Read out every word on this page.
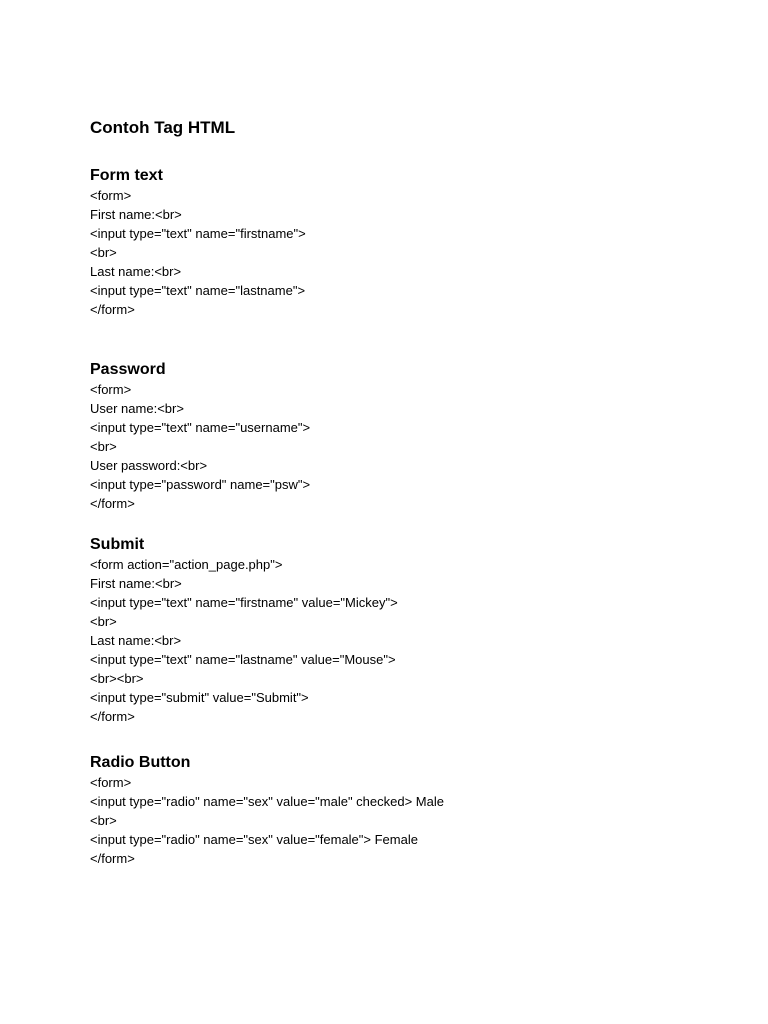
Contoh Tag HTML
Form text
<form>
First name:<br>
<input type="text" name="firstname">
<br>
Last name:<br>
<input type="text" name="lastname">
</form>
Password
<form>
User name:<br>
<input type="text" name="username">
<br>
User password:<br>
<input type="password" name="psw">
</form>
Submit
<form action="action_page.php">
First name:<br>
<input type="text" name="firstname" value="Mickey">
<br>
Last name:<br>
<input type="text" name="lastname" value="Mouse">
<br><br>
<input type="submit" value="Submit">
</form>
Radio Button
<form>
<input type="radio" name="sex" value="male" checked> Male
<br>
<input type="radio" name="sex" value="female"> Female
</form>
